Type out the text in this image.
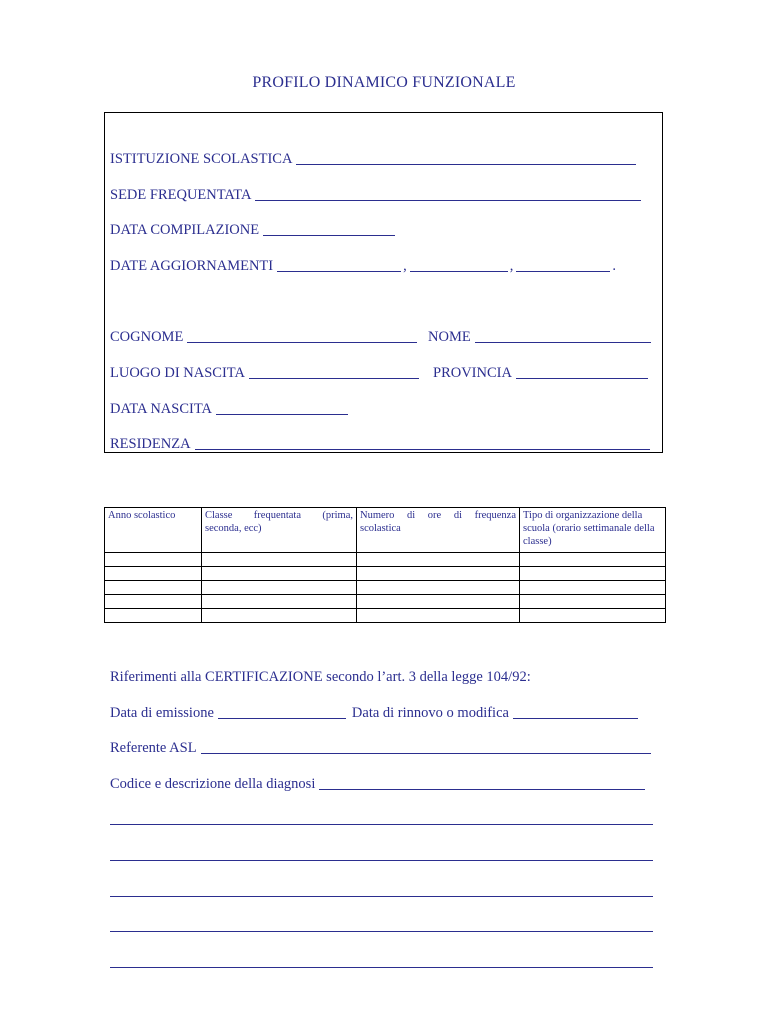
PROFILO DINAMICO FUNZIONALE
ISTITUZIONE SCOLASTICA
SEDE FREQUENTATA
DATA COMPILAZIONE
DATE AGGIORNAMENTI	,	,	.
COGNOME	NOME
LUOGO DI NASCITA	PROVINCIA
DATA NASCITA
RESIDENZA
Anno scolastico	Classe frequentata (prima, seconda, ecc)	Numero di ore di frequenza scolastica	Tipo di organizzazione della scuola (orario settimanale della classe)

Riferimenti alla CERTIFICAZIONE secondo l’art. 3 della legge 104/92:
Data di emissione	Data di rinnovo o modifica
Referente ASL
Codice e descrizione della diagnosi
